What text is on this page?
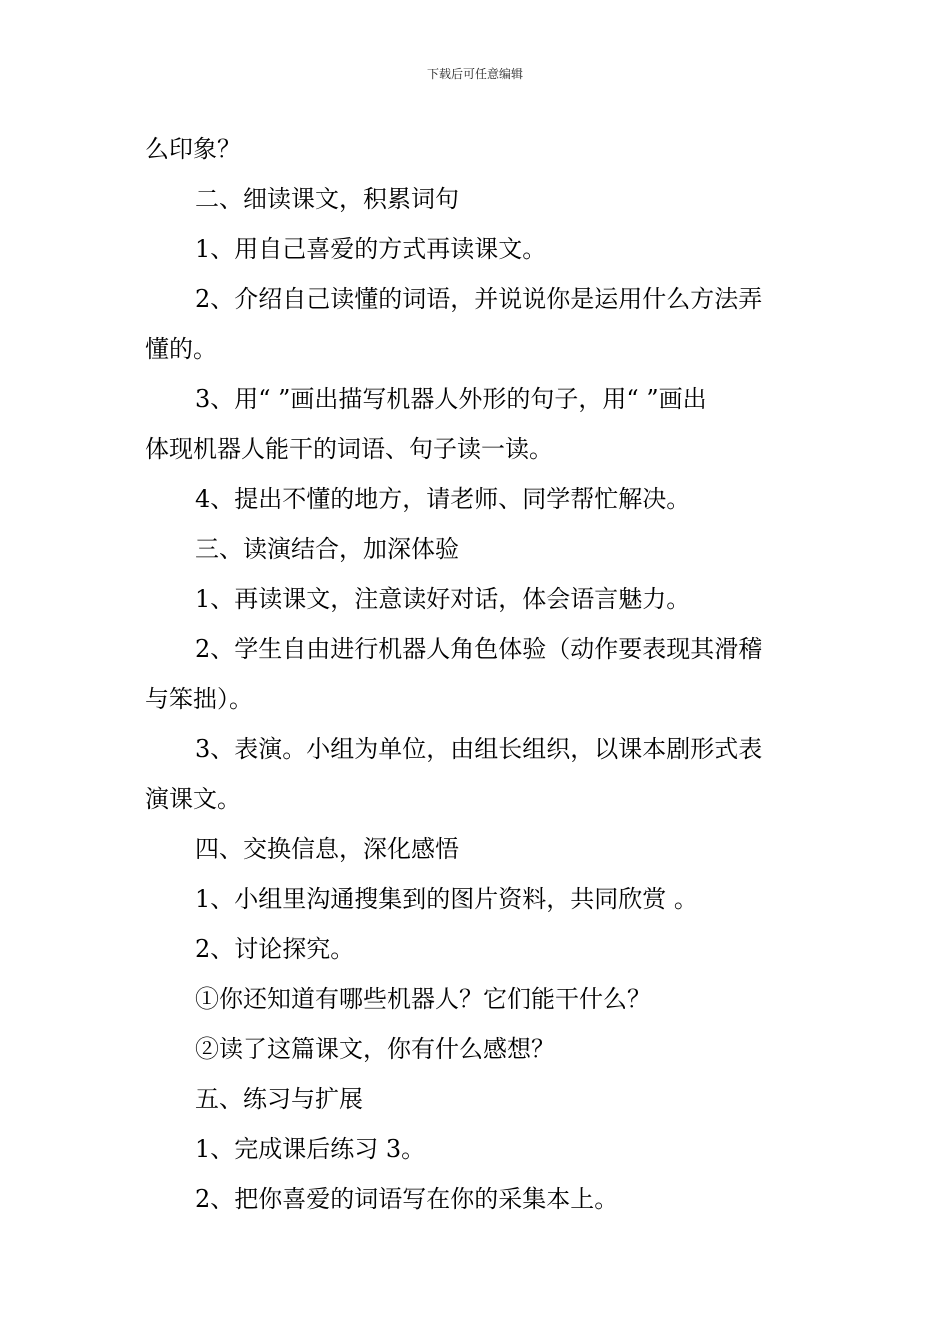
下载后可任意编辑
么印象？
二、细读课文，积累词句
1、用自己喜爱的方式再读课文。
2、介绍自己读懂的词语，并说说你是运用什么方法弄
懂的。
3、用“ ”画出描写机器人外形的句子，用“ ”画出
体现机器人能干的词语、句子读一读。
4、提出不懂的地方，请老师、同学帮忙解决。
三、读演结合，加深体验
1、再读课文，注意读好对话，体会语言魅力。
2、学生自由进行机器人角色体验（动作要表现其滑稽
与笨拙）。
3、表演。小组为单位，由组长组织，以课本剧形式表
演课文。
四、交换信息，深化感悟
1、小组里沟通搜集到的图片资料，共同欣赏 。
2、讨论探究。
①你还知道有哪些机器人？它们能干什么？
②读了这篇课文，你有什么感想？
五、练习与扩展
1、完成课后练习 3。
2、把你喜爱的词语写在你的采集本上。
